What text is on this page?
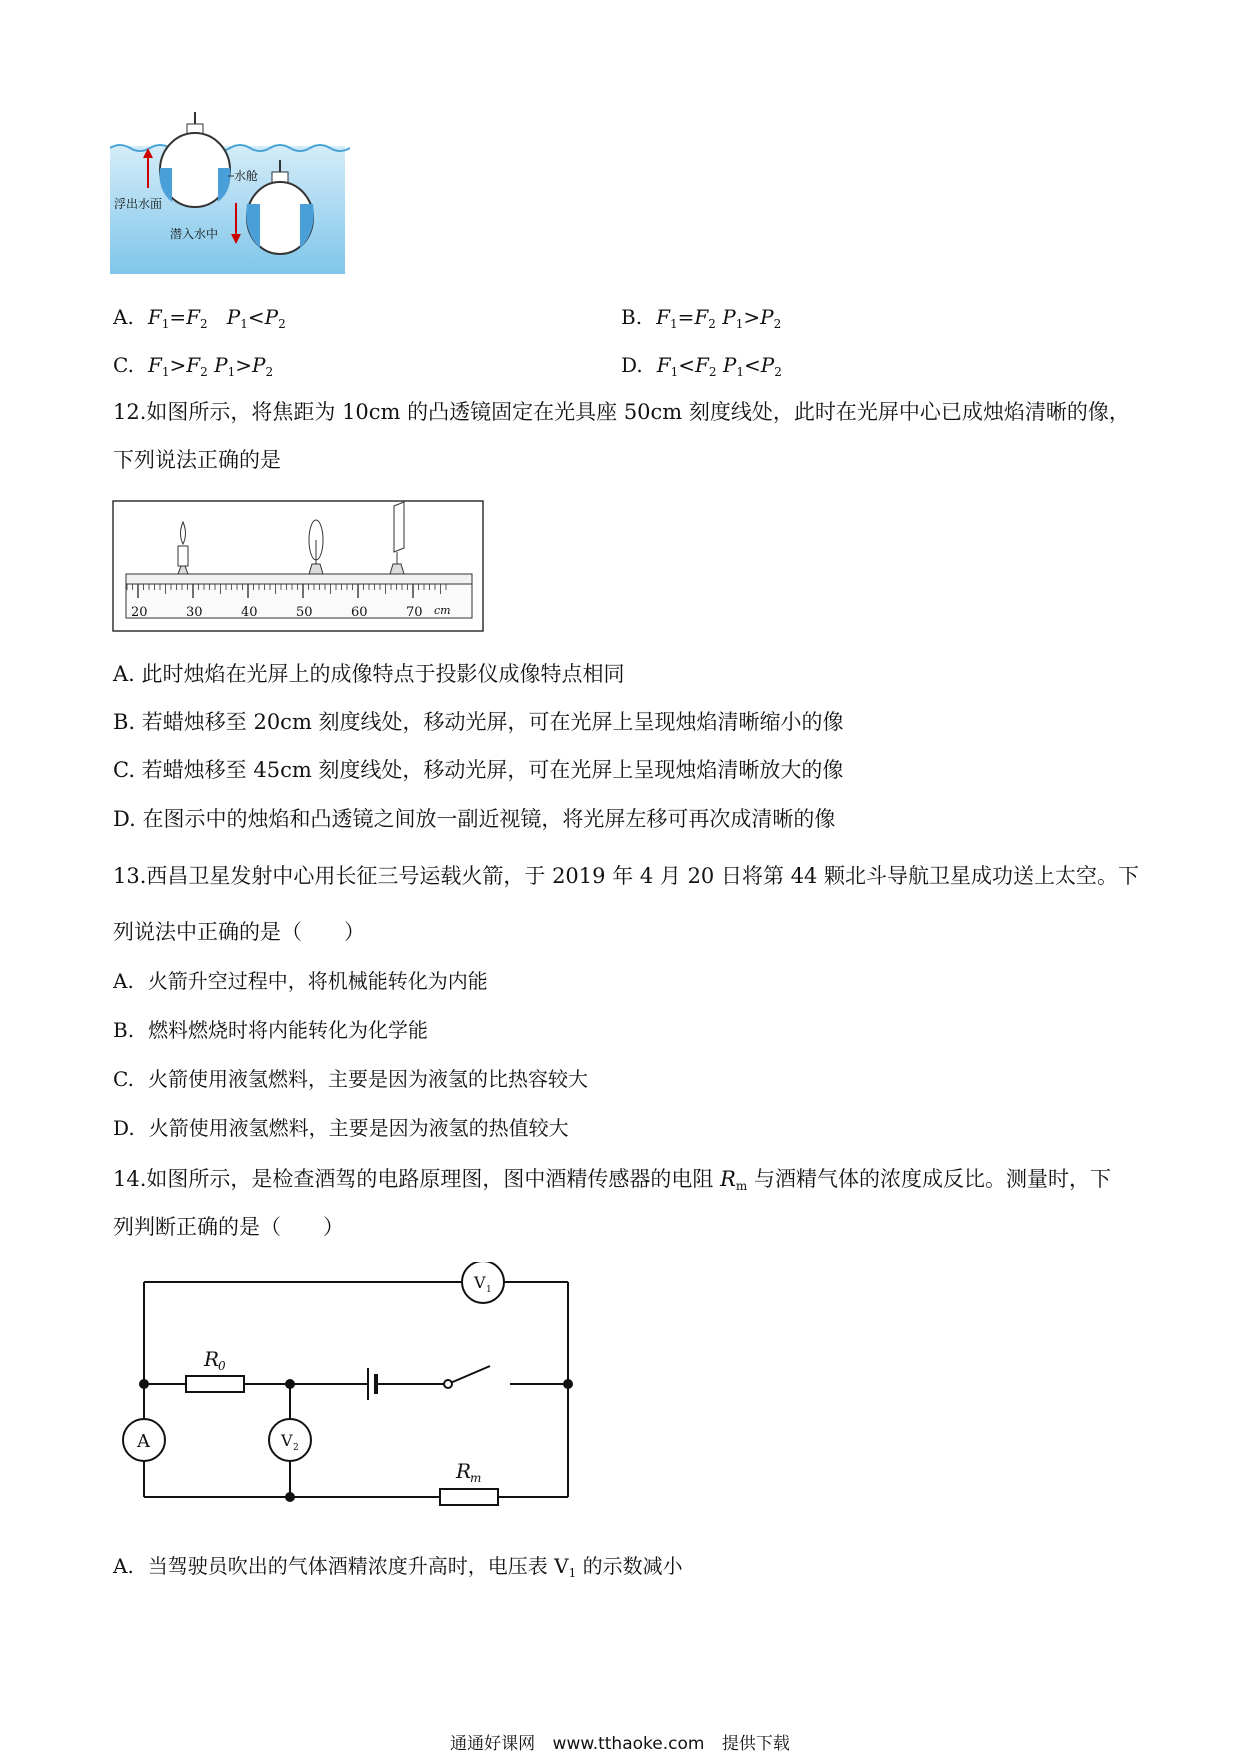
浮出水面
水舱
潜入水中
A. $F_1=F_2$ $P_1<P_2$	B. $F_1=F_2$ $P_1>P_2$
C. $F_1>F_2$ $P_1>P_2$	D. $F_1<F_2$ $P_1<P_2$
12.如图所示，将焦距为 10cm 的凸透镜固定在光具座 50cm 刻度线处，此时在光屏中心已成烛焰清晰的像，
下列说法正确的是
20	30	40	50	60	70 cm
A. 此时烛焰在光屏上的成像特点于投影仪成像特点相同
B. 若蜡烛移至 20cm 刻度线处，移动光屏，可在光屏上呈现烛焰清晰缩小的像
C. 若蜡烛移至 45cm 刻度线处，移动光屏，可在光屏上呈现烛焰清晰放大的像
D. 在图示中的烛焰和凸透镜之间放一副近视镜，将光屏左移可再次成清晰的像
13.西昌卫星发射中心用长征三号运载火箭，于 2019 年 4 月 20 日将第 44 颗北斗导航卫星成功送上太空。下
列说法中正确的是（　　）
A. 火箭升空过程中，将机械能转化为内能
B. 燃料燃烧时将内能转化为化学能
C. 火箭使用液氢燃料，主要是因为液氢的比热容较大
D. 火箭使用液氢燃料，主要是因为液氢的热值较大
14.如图所示，是检查酒驾的电路原理图，图中酒精传感器的电阻 $R_m$ 与酒精气体的浓度成反比。测量时，下
列判断正确的是（　　）
R
0
R
m
V 1
V 2
A
A. 当驾驶员吹出的气体酒精浓度升高时，电压表 $V_1$ 的示数减小
通通好课网 www.tthaoke.com 提供下载
